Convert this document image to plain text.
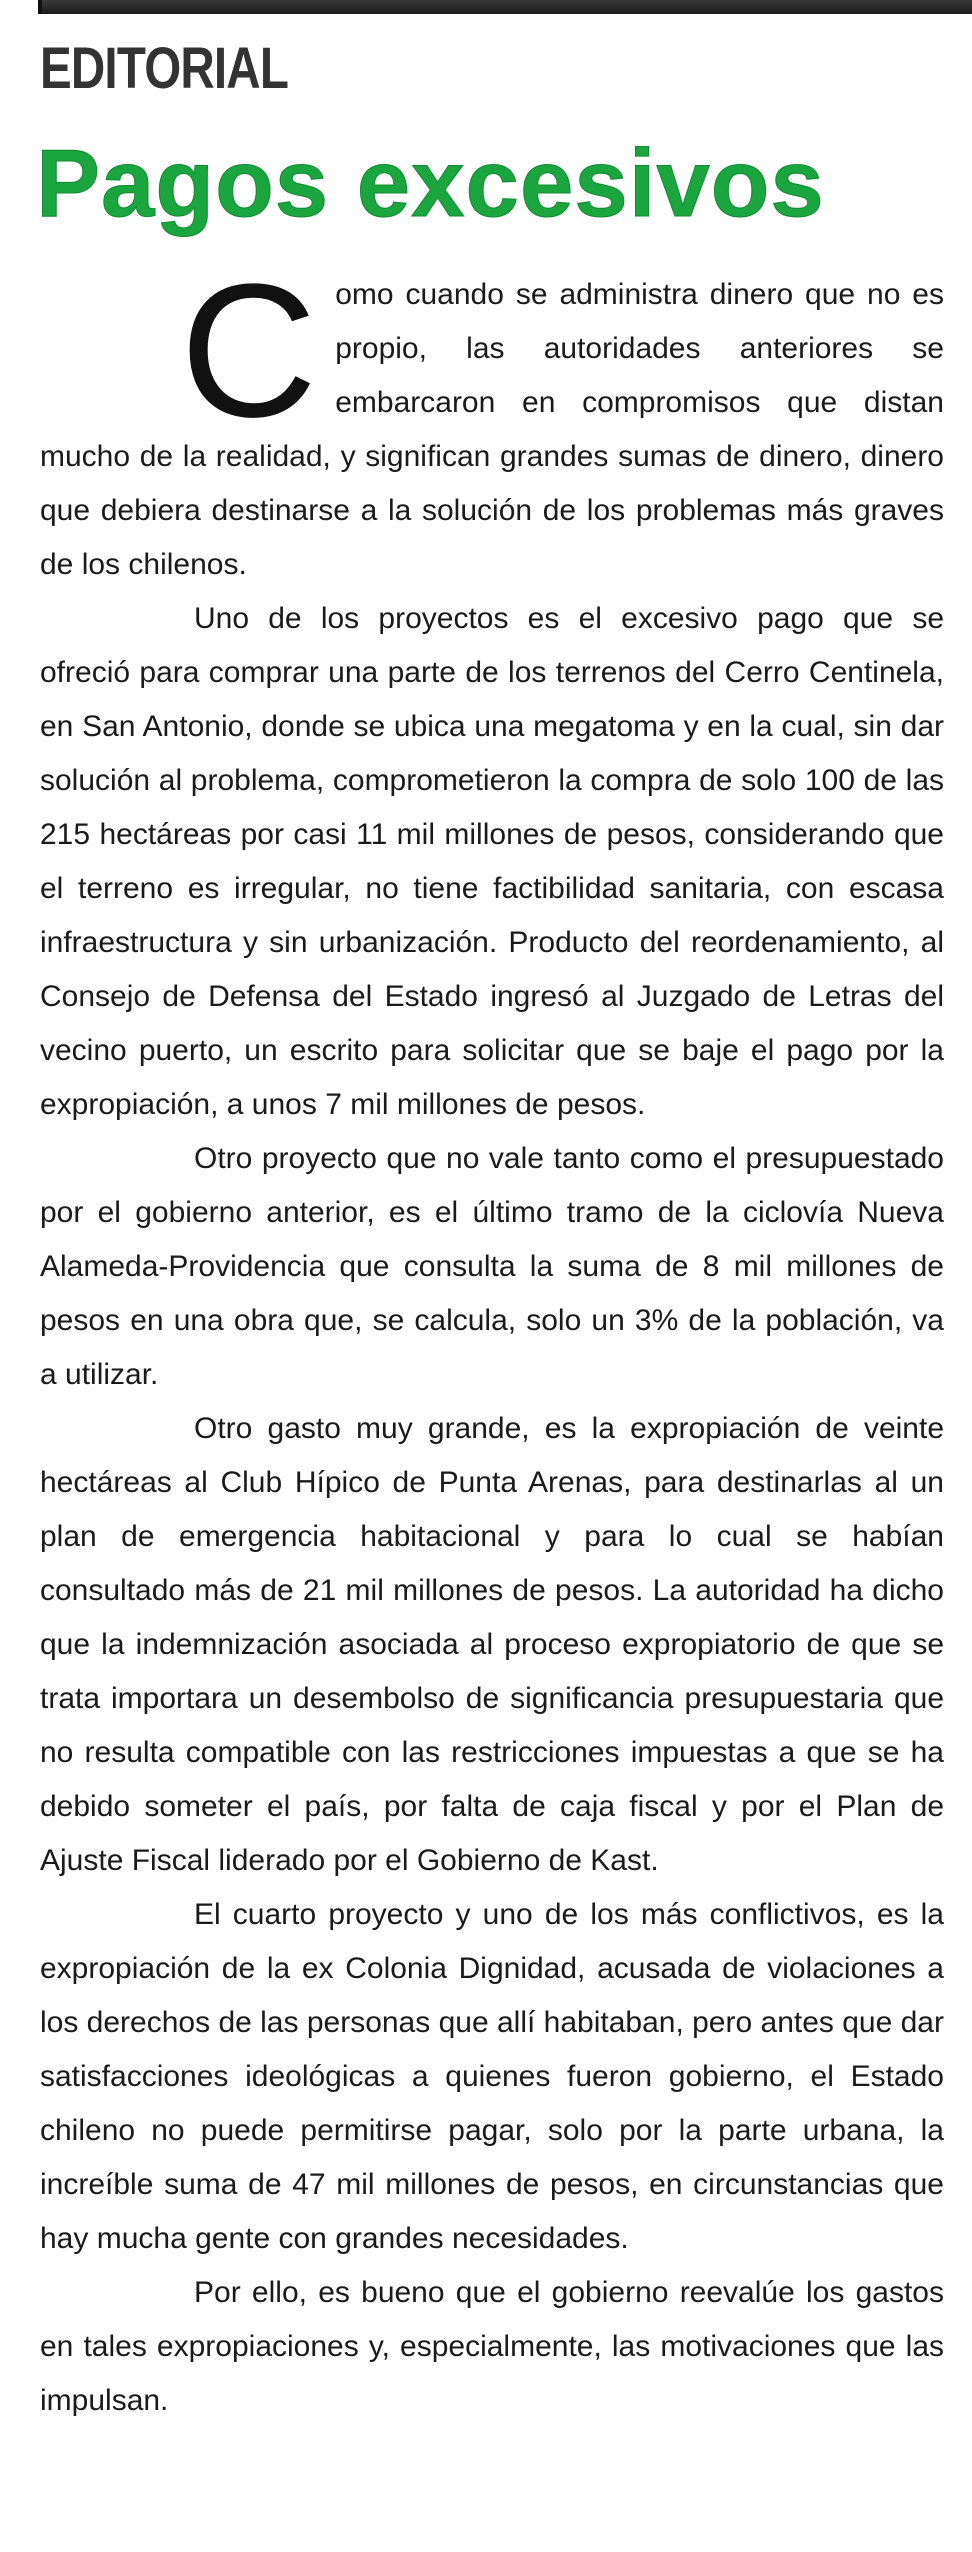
EDITORIAL
Pagos excesivos

Como cuando se administra dinero que no es propio, las autoridades anteriores se embarcaron en compromisos que distan mucho de la realidad, y significan grandes sumas de dinero, dinero que debiera destinarse a la solución de los problemas más graves de los chilenos.

Uno de los proyectos es el excesivo pago que se ofreció para comprar una parte de los terrenos del Cerro Centinela, en San Antonio, donde se ubica una megatoma y en la cual, sin dar solución al problema, comprometieron la compra de solo 100 de las 215 hectáreas por casi 11 mil millones de pesos, considerando que el terreno es irregular, no tiene factibilidad sanitaria, con escasa infraestructura y sin urbanización. Producto del reordenamiento, al Consejo de Defensa del Estado ingresó al Juzgado de Letras del vecino puerto, un escrito para solicitar que se baje el pago por la expropiación, a unos 7 mil millones de pesos.

Otro proyecto que no vale tanto como el presupuestado por el gobierno anterior, es el último tramo de la ciclovía Nueva Alameda-Providencia que consulta la suma de 8 mil millones de pesos en una obra que, se calcula, solo un 3% de la población, va a utilizar.

Otro gasto muy grande, es la expropiación de veinte hectáreas al Club Hípico de Punta Arenas, para destinarlas al un plan de emergencia habitacional y para lo cual se habían consultado más de 21 mil millones de pesos. La autoridad ha dicho que la indemnización asociada al proceso expropiatorio de que se trata importara un desembolso de significancia presupuestaria que no resulta compatible con las restricciones impuestas a que se ha debido someter el país, por falta de caja fiscal y por el Plan de Ajuste Fiscal liderado por el Gobierno de Kast.

El cuarto proyecto y uno de los más conflictivos, es la expropiación de la ex Colonia Dignidad, acusada de violaciones a los derechos de las personas que allí habitaban, pero antes que dar satisfacciones ideológicas a quienes fueron gobierno, el Estado chileno no puede permitirse pagar, solo por la parte urbana, la increíble suma de 47 mil millones de pesos, en circunstancias que hay mucha gente con grandes necesidades.

Por ello, es bueno que el gobierno reevalúe los gastos en tales expropiaciones y, especialmente, las motivaciones que las impulsan.
